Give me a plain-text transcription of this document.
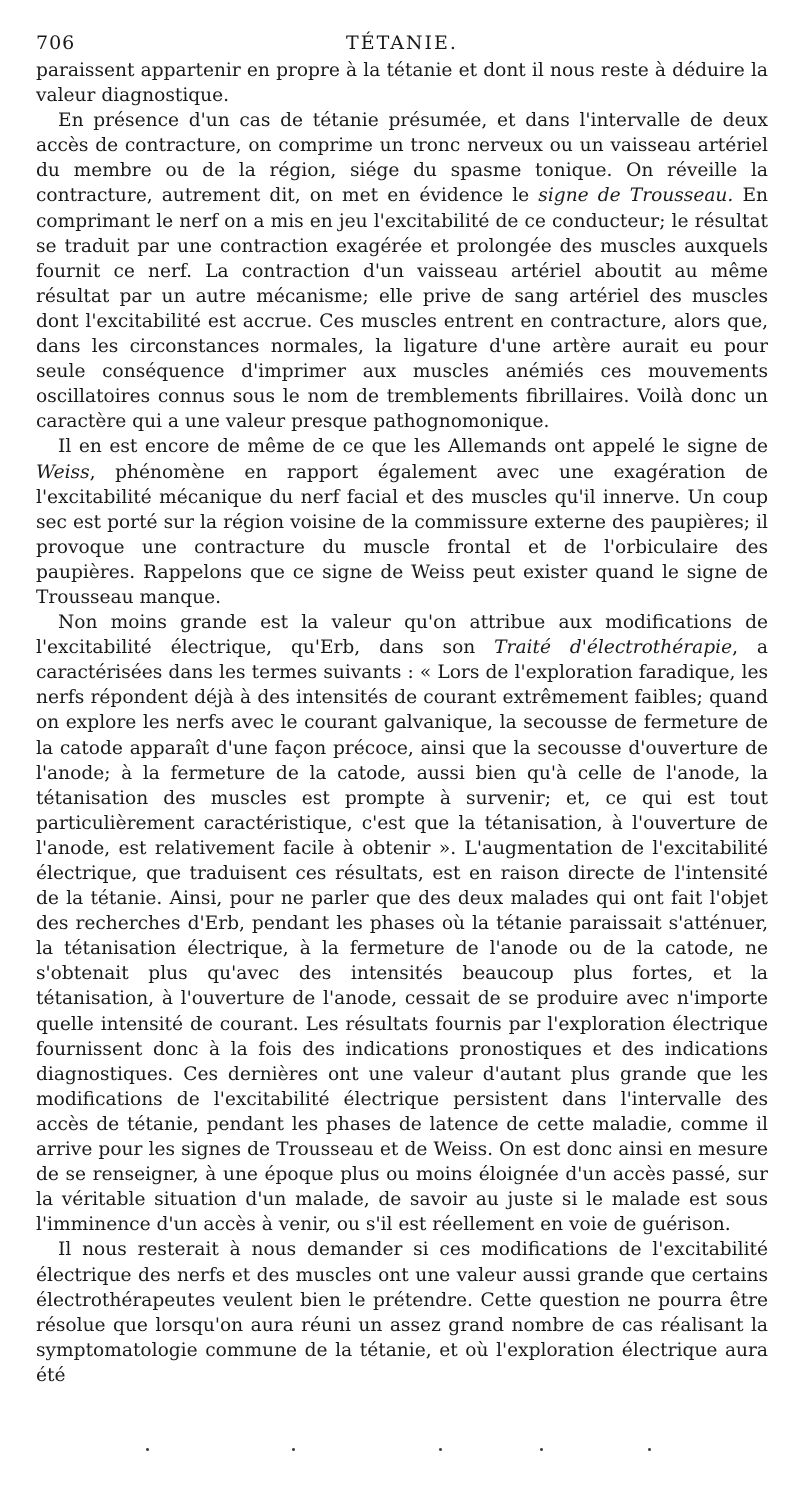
706	TÉTANIE.

paraissent appartenir en propre à la tétanie et dont il nous reste à déduire la valeur diagnostique.

En présence d'un cas de tétanie présumée, et dans l'intervalle de deux accès de contracture, on comprime un tronc nerveux ou un vaisseau artériel du membre ou de la région, siége du spasme tonique. On réveille la contracture, autrement dit, on met en évidence le signe de Trousseau. En comprimant le nerf on a mis en jeu l'excitabilité de ce conducteur; le résultat se traduit par une contraction exagérée et prolongée des muscles auxquels fournit ce nerf. La contraction d'un vaisseau artériel aboutit au même résultat par un autre mécanisme; elle prive de sang artériel des muscles dont l'excitabilité est accrue. Ces muscles entrent en contracture, alors que, dans les circonstances normales, la ligature d'une artère aurait eu pour seule conséquence d'imprimer aux muscles anémiés ces mouvements oscillatoires connus sous le nom de tremblements fibrillaires. Voilà donc un caractère qui a une valeur presque pathognomonique.

Il en est encore de même de ce que les Allemands ont appelé le signe de Weiss, phénomène en rapport également avec une exagération de l'excitabilité mécanique du nerf facial et des muscles qu'il innerve. Un coup sec est porté sur la région voisine de la commissure externe des paupières; il provoque une contracture du muscle frontal et de l'orbiculaire des paupières. Rappelons que ce signe de Weiss peut exister quand le signe de Trousseau manque.

Non moins grande est la valeur qu'on attribue aux modifications de l'excitabilité électrique, qu'Erb, dans son Traité d'électrothérapie, a caractérisées dans les termes suivants : « Lors de l'exploration faradique, les nerfs répondent déjà à des intensités de courant extrêmement faibles; quand on explore les nerfs avec le courant galvanique, la secousse de fermeture de la catode apparaît d'une façon précoce, ainsi que la secousse d'ouverture de l'anode; à la fermeture de la catode, aussi bien qu'à celle de l'anode, la tétanisation des muscles est prompte à survenir; et, ce qui est tout particulièrement caractéristique, c'est que la tétanisation, à l'ouverture de l'anode, est relativement facile à obtenir ». L'augmentation de l'excitabilité électrique, que traduisent ces résultats, est en raison directe de l'intensité de la tétanie. Ainsi, pour ne parler que des deux malades qui ont fait l'objet des recherches d'Erb, pendant les phases où la tétanie paraissait s'atténuer, la tétanisation électrique, à la fermeture de l'anode ou de la catode, ne s'obtenait plus qu'avec des intensités beaucoup plus fortes, et la tétanisation, à l'ouverture de l'anode, cessait de se produire avec n'importe quelle intensité de courant. Les résultats fournis par l'exploration électrique fournissent donc à la fois des indications pronostiques et des indications diagnostiques. Ces dernières ont une valeur d'autant plus grande que les modifications de l'excitabilité électrique persistent dans l'intervalle des accès de tétanie, pendant les phases de latence de cette maladie, comme il arrive pour les signes de Trousseau et de Weiss. On est donc ainsi en mesure de se renseigner, à une époque plus ou moins éloignée d'un accès passé, sur la véritable situation d'un malade, de savoir au juste si le malade est sous l'imminence d'un accès à venir, ou s'il est réellement en voie de guérison.

Il nous resterait à nous demander si ces modifications de l'excitabilité électrique des nerfs et des muscles ont une valeur aussi grande que certains électrothérapeutes veulent bien le prétendre. Cette question ne pourra être résolue que lorsqu'on aura réuni un assez grand nombre de cas réalisant la symptomatologie commune de la tétanie, et où l'exploration électrique aura été
